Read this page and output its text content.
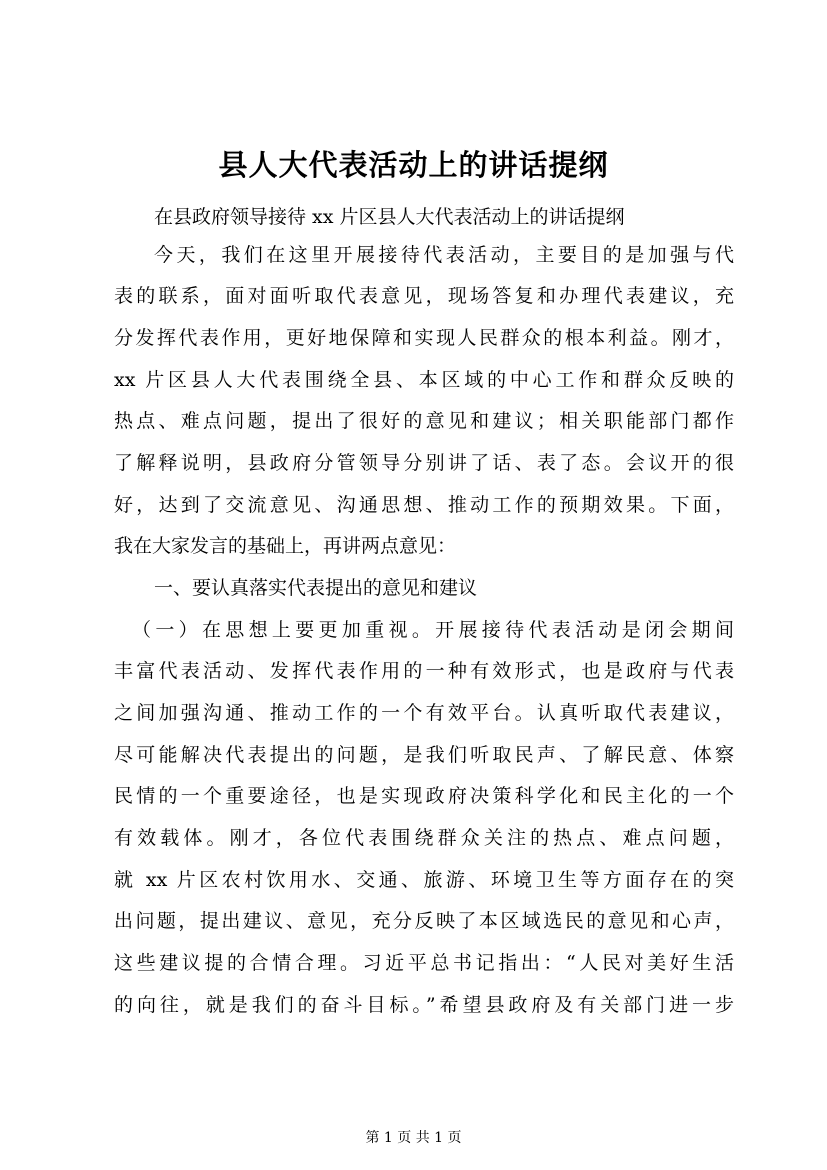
县人大代表活动上的讲话提纲

在县政府领导接待 xx 片区县人大代表活动上的讲话提纲

今天，我们在这里开展接待代表活动，主要目的是加强与代

表的联系，面对面听取代表意见，现场答复和办理代表建议，充

分发挥代表作用，更好地保障和实现人民群众的根本利益。刚才，

xx 片区县人大代表围绕全县、本区域的中心工作和群众反映的

热点、难点问题，提出了很好的意见和建议；相关职能部门都作

了解释说明，县政府分管领导分别讲了话、表了态。会议开的很

好，达到了交流意见、沟通思想、推动工作的预期效果。下面，

我在大家发言的基础上，再讲两点意见：

一、要认真落实代表提出的意见和建议

（一）在思想上要更加重视。开展接待代表活动是闭会期间

丰富代表活动、发挥代表作用的一种有效形式，也是政府与代表

之间加强沟通、推动工作的一个有效平台。认真听取代表建议，

尽可能解决代表提出的问题，是我们听取民声、了解民意、体察

民情的一个重要途径，也是实现政府决策科学化和民主化的一个

有效载体。刚才，各位代表围绕群众关注的热点、难点问题，

就 xx 片区农村饮用水、交通、旅游、环境卫生等方面存在的突

出问题，提出建议、意见，充分反映了本区域选民的意见和心声，

这些建议提的合情合理。习近平总书记指出：“人民对美好生活

的向往，就是我们的奋斗目标。”希望县政府及有关部门进一步

第 1 页 共 1 页
